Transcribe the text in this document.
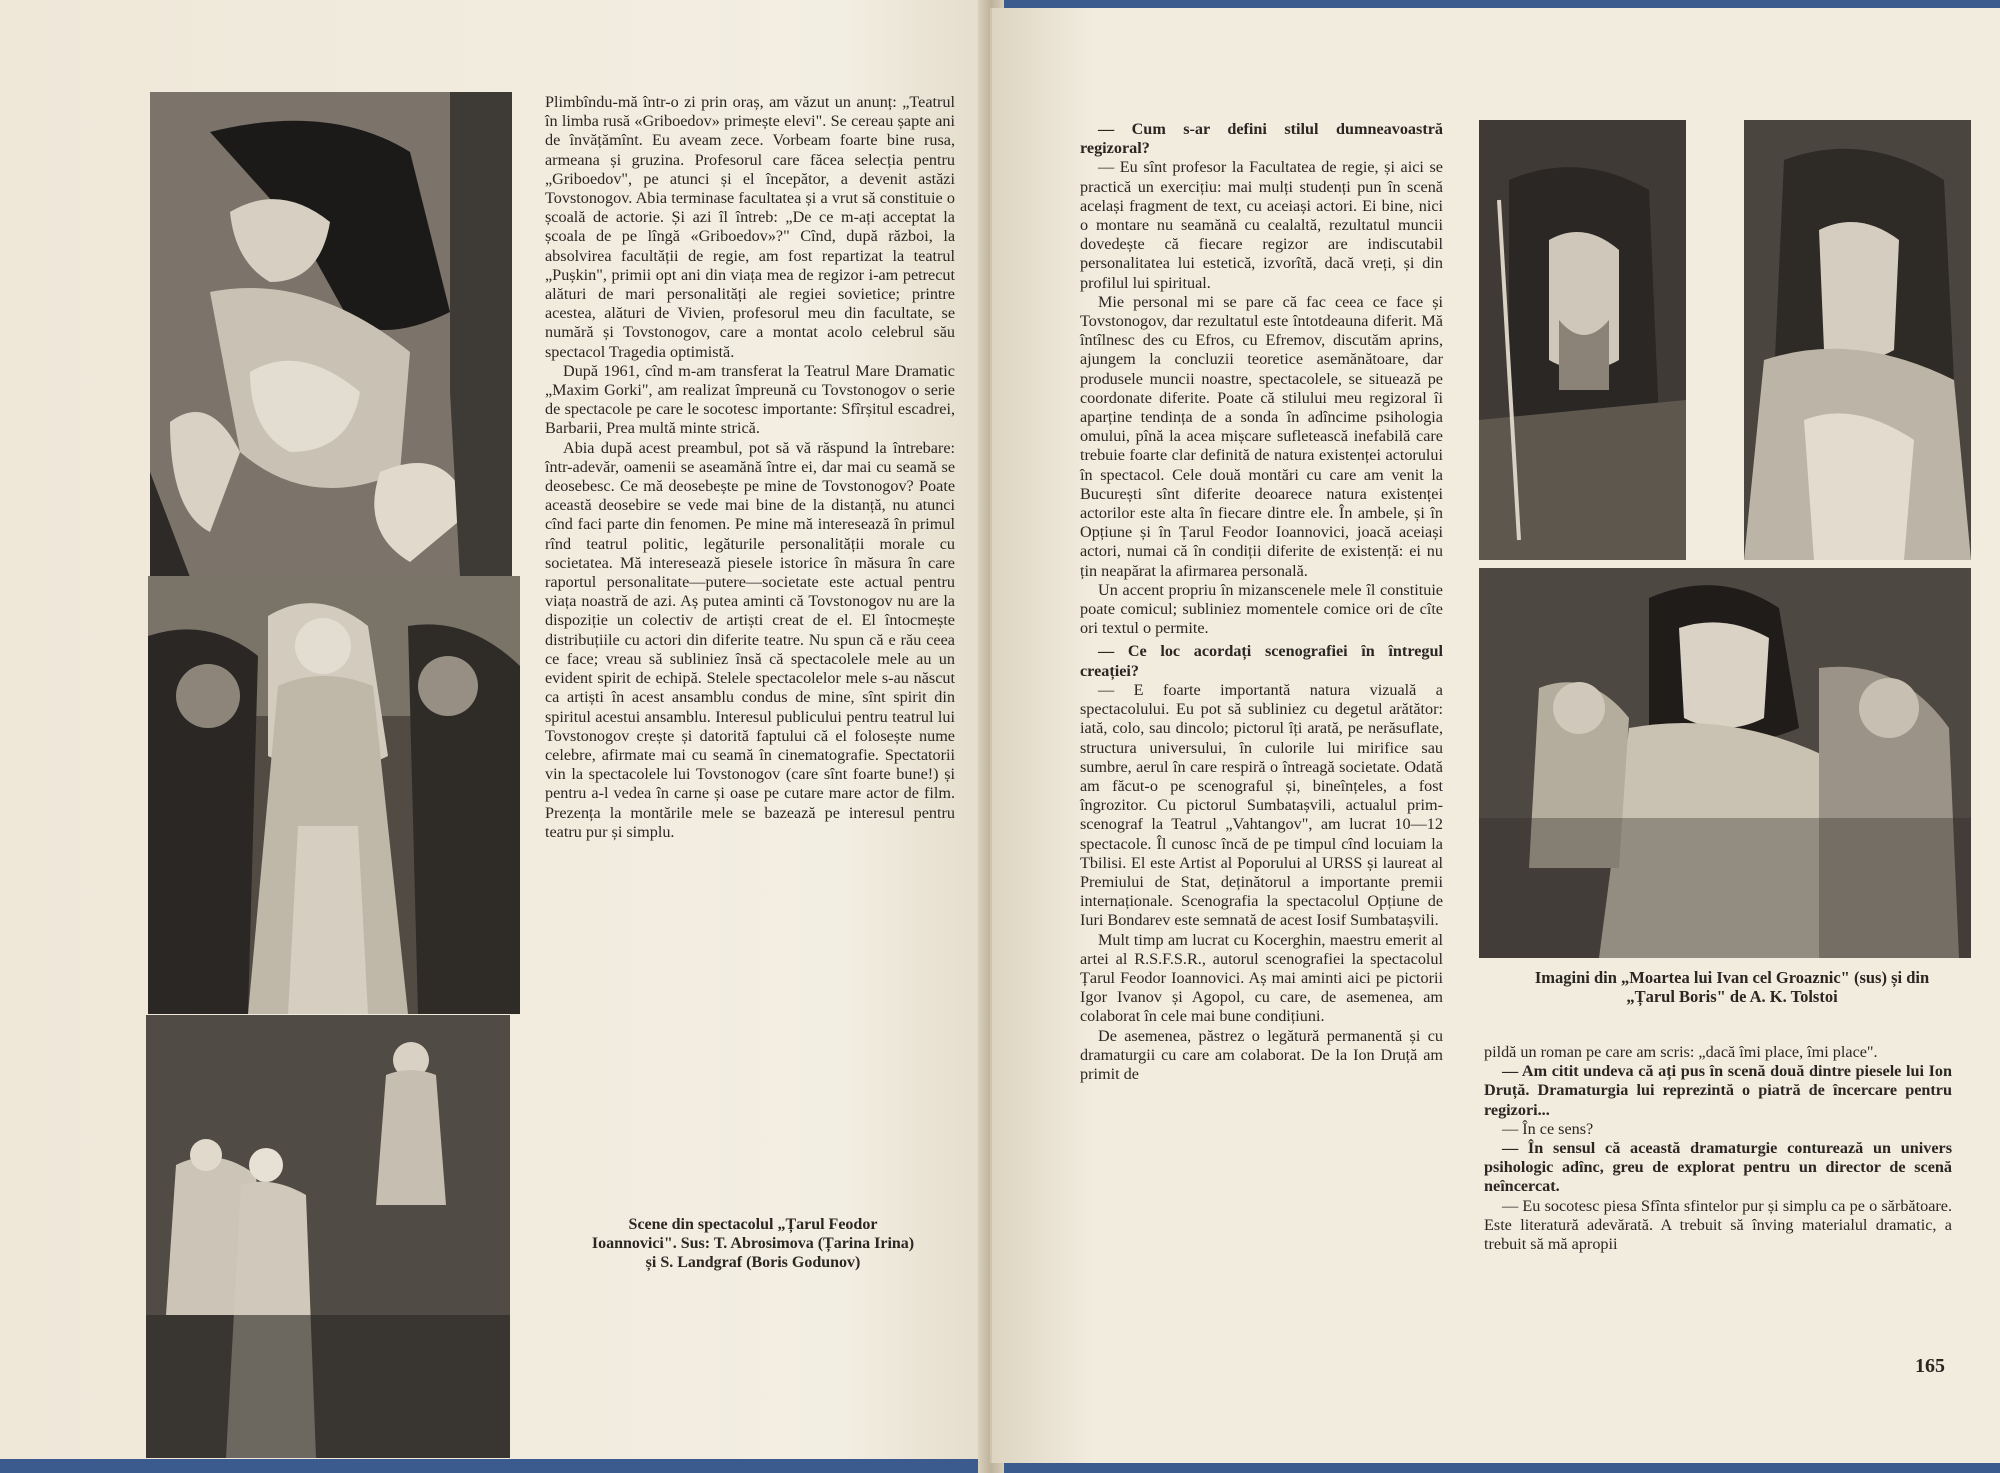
Plimbîndu-mă într-o zi prin oraș, am văzut un anunț: „Teatrul în limba rusă «Griboedov» primește elevi". Se cereau șapte ani de învățămînt. Eu aveam zece. Vorbeam foarte bine rusa, armeana și gruzina. Profesorul care făcea selecția pentru „Griboedov", pe atunci și el începător, a devenit astăzi Tovstonogov. Abia terminase facultatea și a vrut să constituie o școală de actorie. Și azi îl întreb: „De ce m-ați acceptat la școala de pe lîngă «Griboedov»?" Cînd, după război, la absolvirea facultății de regie, am fost repartizat la teatrul „Pușkin", primii opt ani din viața mea de regizor i-am petrecut alături de mari personalități ale regiei sovietice; printre acestea, alături de Vivien, profesorul meu din facultate, se numără și Tovstonogov, care a montat acolo celebrul său spectacol Tragedia optimistă.

După 1961, cînd m-am transferat la Teatrul Mare Dramatic „Maxim Gorki", am realizat împreună cu Tovstonogov o serie de spectacole pe care le socotesc importante: Sfîrșitul escadrei, Barbarii, Prea multă minte strică.

Abia după acest preambul, pot să vă răspund la întrebare: într-adevăr, oamenii se aseamănă între ei, dar mai cu seamă se deosebesc. Ce mă deosebește pe mine de Tovstonogov? Poate această deosebire se vede mai bine de la distanță, nu atunci cînd faci parte din fenomen. Pe mine mă interesează în primul rînd teatrul politic, legăturile personalității morale cu societatea. Mă interesează piesele istorice în măsura în care raportul personalitate—putere—societate este actual pentru viața noastră de azi. Aș putea aminti că Tovstonogov nu are la dispoziție un colectiv de artiști creat de el. El întocmește distribuțiile cu actori din diferite teatre. Nu spun că e rău ceea ce face; vreau să subliniez însă că spectacolele mele au un evident spirit de echipă. Stelele spectacolelor mele s-au născut ca artiști în acest ansamblu condus de mine, sînt spirit din spiritul acestui ansamblu. Interesul publicului pentru teatrul lui Tovstonogov crește și datorită faptului că el folosește nume celebre, afirmate mai cu seamă în cinematografie. Spectatorii vin la spectacolele lui Tovstonogov (care sînt foarte bune!) și pentru a-l vedea în carne și oase pe cutare mare actor de film. Prezența la montările mele se bazează pe interesul pentru teatru pur și simplu.

Scene din spectacolul „Țarul Feodor Ioannovici". Sus: T. Abrosimova (Țarina Irina) și S. Landgraf (Boris Godunov)

— Cum s-ar defini stilul dumneavoastră regizoral?

— Eu sînt profesor la Facultatea de regie, și aici se practică un exercițiu: mai mulți studenți pun în scenă același fragment de text, cu aceiași actori. Ei bine, nici o montare nu seamănă cu cealaltă, rezultatul muncii dovedește că fiecare regizor are indiscutabil personalitatea lui estetică, izvorîtă, dacă vreți, și din profilul lui spiritual.

Mie personal mi se pare că fac ceea ce face și Tovstonogov, dar rezultatul este întotdeauna diferit. Mă întîlnesc des cu Efros, cu Efremov, discutăm aprins, ajungem la concluzii teoretice asemănătoare, dar produsele muncii noastre, spectacolele, se situează pe coordonate diferite. Poate că stilului meu regizoral îi aparține tendința de a sonda în adîncime psihologia omului, pînă la acea mișcare sufletească inefabilă care trebuie foarte clar definită de natura existenței actorului în spectacol. Cele două montări cu care am venit la București sînt diferite deoarece natura existenței actorilor este alta în fiecare dintre ele. În ambele, și în Opțiune și în Țarul Feodor Ioannovici, joacă aceiași actori, numai că în condiții diferite de existență: ei nu țin neapărat la afirmarea personală.

Un accent propriu în mizanscenele mele îl constituie poate comicul; subliniez momentele comice ori de cîte ori textul o permite.

— Ce loc acordați scenografiei în întregul creației?

— E foarte importantă natura vizuală a spectacolului. Eu pot să subliniez cu degetul arătător: iată, colo, sau dincolo; pictorul îți arată, pe nerăsuflate, structura universului, în culorile lui mirifice sau sumbre, aerul în care respiră o întreagă societate. Odată am făcut-o pe scenograful și, bineînțeles, a fost îngrozitor. Cu pictorul Sumbatașvili, actualul prim-scenograf la Teatrul „Vahtangov", am lucrat 10—12 spectacole. Îl cunosc încă de pe timpul cînd locuiam la Tbilisi. El este Artist al Poporului al URSS și laureat al Premiului de Stat, deținătorul a importante premii internaționale. Scenografia la spectacolul Opțiune de Iuri Bondarev este semnată de acest Iosif Sumbatașvili.

Mult timp am lucrat cu Kocerghin, maestru emerit al artei al R.S.F.S.R., autorul scenografiei la spectacolul Țarul Feodor Ioannovici. Aș mai aminti aici pe pictorii Igor Ivanov și Agopol, cu care, de asemenea, am colaborat în cele mai bune condițiuni.

De asemenea, păstrez o legătură permanentă și cu dramaturgii cu care am colaborat. De la Ion Druță am primit de

Imagini din „Moartea lui Ivan cel Groaznic" (sus) și din „Țarul Boris" de A. K. Tolstoi

pildă un roman pe care am scris: „dacă îmi place, îmi place".

— Am citit undeva că ați pus în scenă două dintre piesele lui Ion Druță. Dramaturgia lui reprezintă o piatră de încercare pentru regizori...

— În ce sens?

— În sensul că această dramaturgie conturează un univers psihologic adînc, greu de explorat pentru un director de scenă neîncercat.

— Eu socotesc piesa Sfînta sfintelor pur și simplu ca pe o sărbătoare. Este literatură adevărată. A trebuit să înving materialul dramatic, a trebuit să mă apropii

165
